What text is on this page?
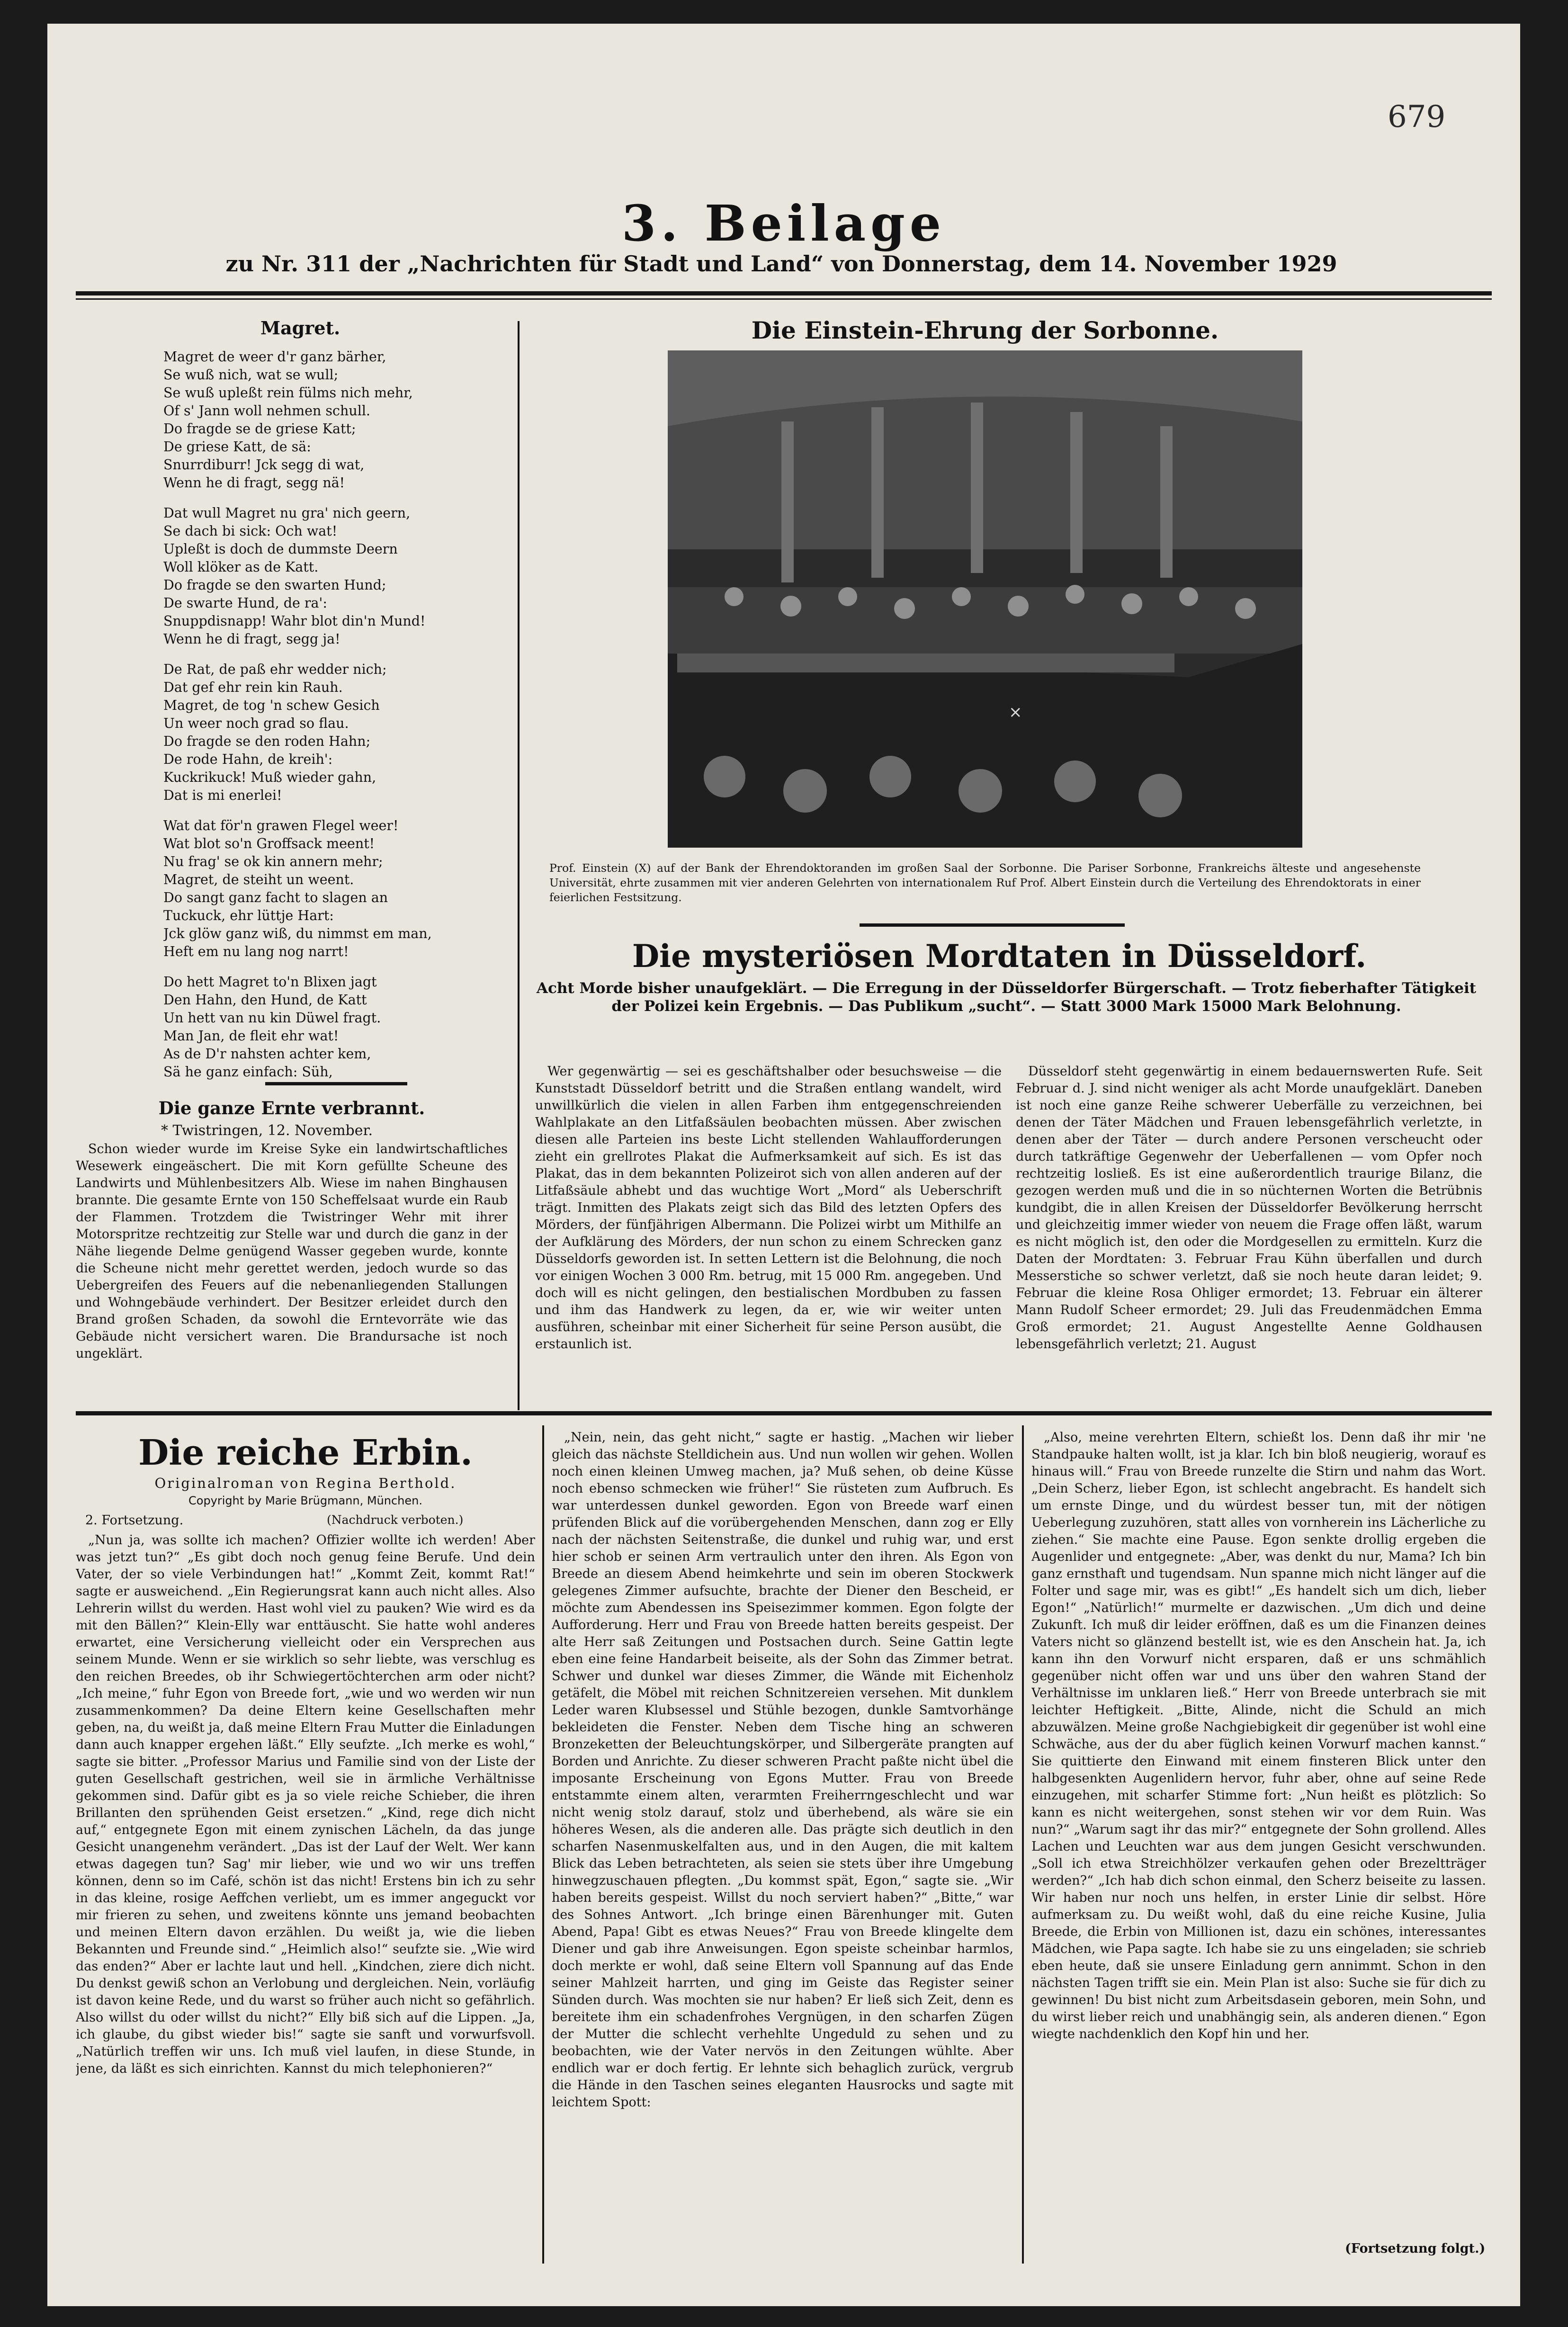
679
3. Beilage
zu Nr. 311 der „Nachrichten für Stadt und Land“ von Donnerstag, dem 14. November 1929
Magret.
Magret de weer d'r ganz bärher,
Se wuß nich, wat se wull;
Se wuß upleßt rein fülms nich mehr,
Of s' Jann woll nehmen schull.
Do fragde se de griese Katt;
De griese Katt, de sä:
Snurrdiburr! Jck segg di wat,
Wenn he di fragt, segg nä!
Dat wull Magret nu gra' nich geern,
Se dach bi sick: Och wat!
Upleßt is doch de dummste Deern
Woll klöker as de Katt.
Do fragde se den swarten Hund;
De swarte Hund, de ra':
Snuppdisnapp! Wahr blot din'n Mund!
Wenn he di fragt, segg ja!
De Rat, de paß ehr wedder nich;
Dat gef ehr rein kin Rauh.
Magret, de tog 'n schew Gesich
Un weer noch grad so flau.
Do fragde se den roden Hahn;
De rode Hahn, de kreih':
Kuckrikuck! Muß wieder gahn,
Dat is mi enerlei!
Wat dat för'n grawen Flegel weer!
Wat blot so'n Groffsack meent!
Nu frag' se ok kin annern mehr;
Magret, de steiht un weent.
Do sangt ganz facht to slagen an
Tuckuck, ehr lüttje Hart:
Jck glöw ganz wiß, du nimmst em man,
Heft em nu lang nog narrt!
Do hett Magret to'n Blixen jagt
Den Hahn, den Hund, de Katt
Un hett van nu kin Düwel fragt.
Man Jan, de fleit ehr wat!
As de D'r nahsten achter kem,
Sä he ganz einfach: Süh,
Die ganze Ernte verbrannt.
* Twistringen, 12. November.

Schon wieder wurde im Kreise Syke ein landwirtschaftliches Wesewerk eingeäschert. Die mit Korn gefüllte Scheune des Landwirts und Mühlenbesitzers Alb. Wiese im nahen Binghausen brannte. Die gesamte Ernte von 150 Scheffelsaat wurde ein Raub der Flammen. Trotzdem die Twistringer Wehr mit ihrer Motorspritze rechtzeitig zur Stelle war und durch die ganz in der Nähe liegende Delme genügend Wasser gegeben wurde, konnte die Scheune nicht mehr gerettet werden, jedoch wurde so das Uebergreifen des Feuers auf die nebenanliegenden Stallungen und Wohngebäude verhindert. Der Besitzer erleidet durch den Brand großen Schaden, da sowohl die Erntevorräte wie das Gebäude nicht versichert waren. Die Brandursache ist noch ungeklärt.

Die Einstein-Ehrung der Sorbonne.
×
Prof. Einstein (X) auf der Bank der Ehrendoktoranden im großen Saal der Sorbonne. Die Pariser Sorbonne, Frankreichs älteste und angesehenste Universität, ehrte zusammen mit vier anderen Gelehrten von internationalem Ruf Prof. Albert Einstein durch die Verteilung des Ehrendoktorats in einer feierlichen Festsitzung.
Die mysteriösen Mordtaten in Düsseldorf.
Acht Morde bisher unaufgeklärt. — Die Erregung in der Düsseldorfer Bürgerschaft. — Trotz fieberhafter Tätigkeit der Polizei kein Ergebnis. — Das Publikum „sucht“. — Statt 3000 Mark 15000 Mark Belohnung.

Wer gegenwärtig — sei es geschäftshalber oder besuchsweise — die Kunststadt Düsseldorf betritt und die Straßen entlang wandelt, wird unwillkürlich die vielen in allen Farben ihm entgegenschreienden Wahlplakate an den Litfaßsäulen beobachten müssen. Aber zwischen diesen alle Parteien ins beste Licht stellenden Wahlaufforderungen zieht ein grellrotes Plakat die Aufmerksamkeit auf sich. Es ist das Plakat, das in dem bekannten Polizeirot sich von allen anderen auf der Litfaßsäule abhebt und das wuchtige Wort „Mord“ als Ueberschrift trägt. Inmitten des Plakats zeigt sich das Bild des letzten Opfers des Mörders, der fünfjährigen Albermann. Die Polizei wirbt um Mithilfe an der Aufklärung des Mörders, der nun schon zu einem Schrecken ganz Düsseldorfs geworden ist. In setten Lettern ist die Belohnung, die noch vor einigen Wochen 3 000 Rm. betrug, mit 15 000 Rm. angegeben. Und doch will es nicht gelingen, den bestialischen Mordbuben zu fassen und ihm das Handwerk zu legen, da er, wie wir weiter unten ausführen, scheinbar mit einer Sicherheit für seine Person ausübt, die erstaunlich ist.

Düsseldorf steht gegenwärtig in einem bedauernswerten Rufe. Seit Februar d. J. sind nicht weniger als acht Morde unaufgeklärt. Daneben ist noch eine ganze Reihe schwerer Ueberfälle zu verzeichnen, bei denen der Täter Mädchen und Frauen lebensgefährlich verletzte, in denen aber der Täter — durch andere Personen verscheucht oder durch tatkräftige Gegenwehr der Ueberfallenen — vom Opfer noch rechtzeitig losließ. Es ist eine außerordentlich traurige Bilanz, die gezogen werden muß und die in so nüchternen Worten die Betrübnis kundgibt, die in allen Kreisen der Düsseldorfer Bevölkerung herrscht und gleichzeitig immer wieder von neuem die Frage offen läßt, warum es nicht möglich ist, den oder die Mordgesellen zu ermitteln. Kurz die Daten der Mordtaten: 3. Februar Frau Kühn überfallen und durch Messerstiche so schwer verletzt, daß sie noch heute daran leidet; 9. Februar die kleine Rosa Ohliger ermordet; 13. Februar ein älterer Mann Rudolf Scheer ermordet; 29. Juli das Freudenmädchen Emma Groß ermordet; 21. August Angestellte Aenne Goldhausen lebensgefährlich verletzt; 21. August

Die reiche Erbin.
Originalroman von Regina Berthold.
Copyright by Marie Brügmann, München.
2. Fortsetzung.	(Nachdruck verboten.)

„Nun ja, was sollte ich machen? Offizier wollte ich werden! Aber was jetzt tun?“ „Es gibt doch noch genug feine Berufe. Und dein Vater, der so viele Verbindungen hat!“ „Kommt Zeit, kommt Rat!“ sagte er ausweichend. „Ein Regierungsrat kann auch nicht alles. Also Lehrerin willst du werden. Hast wohl viel zu pauken? Wie wird es da mit den Bällen?“ Klein-Elly war enttäuscht. Sie hatte wohl anderes erwartet, eine Versicherung vielleicht oder ein Versprechen aus seinem Munde. Wenn er sie wirklich so sehr liebte, was verschlug es den reichen Breedes, ob ihr Schwiegertöchterchen arm oder nicht? „Ich meine,“ fuhr Egon von Breede fort, „wie und wo werden wir nun zusammenkommen? Da deine Eltern keine Gesellschaften mehr geben, na, du weißt ja, daß meine Eltern Frau Mutter die Einladungen dann auch knapper ergehen läßt.“ Elly seufzte. „Ich merke es wohl,“ sagte sie bitter. „Professor Marius und Familie sind von der Liste der guten Gesellschaft gestrichen, weil sie in ärmliche Verhältnisse gekommen sind. Dafür gibt es ja so viele reiche Schieber, die ihren Brillanten den sprühenden Geist ersetzen.“ „Kind, rege dich nicht auf,“ entgegnete Egon mit einem zynischen Lächeln, da das junge Gesicht unangenehm verändert. „Das ist der Lauf der Welt. Wer kann etwas dagegen tun? Sag' mir lieber, wie und wo wir uns treffen können, denn so im Café, schön ist das nicht! Erstens bin ich zu sehr in das kleine, rosige Aeffchen verliebt, um es immer angeguckt vor mir frieren zu sehen, und zweitens könnte uns jemand beobachten und meinen Eltern davon erzählen. Du weißt ja, wie die lieben Bekannten und Freunde sind.“ „Heimlich also!“ seufzte sie. „Wie wird das enden?“ Aber er lachte laut und hell. „Kindchen, ziere dich nicht. Du denkst gewiß schon an Verlobung und dergleichen. Nein, vorläufig ist davon keine Rede, und du warst so früher auch nicht so gefährlich. Also willst du oder willst du nicht?“ Elly biß sich auf die Lippen. „Ja, ich glaube, du gibst wieder bis!“ sagte sie sanft und vorwurfsvoll. „Natürlich treffen wir uns. Ich muß viel laufen, in diese Stunde, in jene, da läßt es sich einrichten. Kannst du mich telephonieren?“

„Nein, nein, das geht nicht,“ sagte er hastig. „Machen wir lieber gleich das nächste Stelldichein aus. Und nun wollen wir gehen. Wollen noch einen kleinen Umweg machen, ja? Muß sehen, ob deine Küsse noch ebenso schmecken wie früher!“ Sie rüsteten zum Aufbruch. Es war unterdessen dunkel geworden. Egon von Breede warf einen prüfenden Blick auf die vorübergehenden Menschen, dann zog er Elly nach der nächsten Seitenstraße, die dunkel und ruhig war, und erst hier schob er seinen Arm vertraulich unter den ihren. Als Egon von Breede an diesem Abend heimkehrte und sein im oberen Stockwerk gelegenes Zimmer aufsuchte, brachte der Diener den Bescheid, er möchte zum Abendessen ins Speisezimmer kommen. Egon folgte der Aufforderung. Herr und Frau von Breede hatten bereits gespeist. Der alte Herr saß Zeitungen und Postsachen durch. Seine Gattin legte eben eine feine Handarbeit beiseite, als der Sohn das Zimmer betrat. Schwer und dunkel war dieses Zimmer, die Wände mit Eichenholz getäfelt, die Möbel mit reichen Schnitzereien versehen. Mit dunklem Leder waren Klubsessel und Stühle bezogen, dunkle Samtvorhänge bekleideten die Fenster. Neben dem Tische hing an schweren Bronzeketten der Beleuchtungskörper, und Silbergeräte prangten auf Borden und Anrichte. Zu dieser schweren Pracht paßte nicht übel die imposante Erscheinung von Egons Mutter. Frau von Breede entstammte einem alten, verarmten Freiherrngeschlecht und war nicht wenig stolz darauf, stolz und überhebend, als wäre sie ein höheres Wesen, als die anderen alle. Das prägte sich deutlich in den scharfen Nasenmuskelfalten aus, und in den Augen, die mit kaltem Blick das Leben betrachteten, als seien sie stets über ihre Umgebung hinwegzuschauen pflegten. „Du kommst spät, Egon,“ sagte sie. „Wir haben bereits gespeist. Willst du noch serviert haben?“ „Bitte,“ war des Sohnes Antwort. „Ich bringe einen Bärenhunger mit. Guten Abend, Papa! Gibt es etwas Neues?“ Frau von Breede klingelte dem Diener und gab ihre Anweisungen. Egon speiste scheinbar harmlos, doch merkte er wohl, daß seine Eltern voll Spannung auf das Ende seiner Mahlzeit harrten, und ging im Geiste das Register seiner Sünden durch. Was mochten sie nur haben? Er ließ sich Zeit, denn es bereitete ihm ein schadenfrohes Vergnügen, in den scharfen Zügen der Mutter die schlecht verhehlte Ungeduld zu sehen und zu beobachten, wie der Vater nervös in den Zeitungen wühlte. Aber endlich war er doch fertig. Er lehnte sich behaglich zurück, vergrub die Hände in den Taschen seines eleganten Hausrocks und sagte mit leichtem Spott:

„Also, meine verehrten Eltern, schießt los. Denn daß ihr mir 'ne Standpauke halten wollt, ist ja klar. Ich bin bloß neugierig, worauf es hinaus will.“ Frau von Breede runzelte die Stirn und nahm das Wort. „Dein Scherz, lieber Egon, ist schlecht angebracht. Es handelt sich um ernste Dinge, und du würdest besser tun, mit der nötigen Ueberlegung zuzuhören, statt alles von vornherein ins Lächerliche zu ziehen.“ Sie machte eine Pause. Egon senkte drollig ergeben die Augenlider und entgegnete: „Aber, was denkt du nur, Mama? Ich bin ganz ernsthaft und tugendsam. Nun spanne mich nicht länger auf die Folter und sage mir, was es gibt!“ „Es handelt sich um dich, lieber Egon!“ „Natürlich!“ murmelte er dazwischen. „Um dich und deine Zukunft. Ich muß dir leider eröffnen, daß es um die Finanzen deines Vaters nicht so glänzend bestellt ist, wie es den Anschein hat. Ja, ich kann ihn den Vorwurf nicht ersparen, daß er uns schmählich gegenüber nicht offen war und uns über den wahren Stand der Verhältnisse im unklaren ließ.“ Herr von Breede unterbrach sie mit leichter Heftigkeit. „Bitte, Alinde, nicht die Schuld an mich abzuwälzen. Meine große Nachgiebigkeit dir gegenüber ist wohl eine Schwäche, aus der du aber füglich keinen Vorwurf machen kannst.“ Sie quittierte den Einwand mit einem finsteren Blick unter den halbgesenkten Augenlidern hervor, fuhr aber, ohne auf seine Rede einzugehen, mit scharfer Stimme fort: „Nun heißt es plötzlich: So kann es nicht weitergehen, sonst stehen wir vor dem Ruin. Was nun?“ „Warum sagt ihr das mir?“ entgegnete der Sohn grollend. Alles Lachen und Leuchten war aus dem jungen Gesicht verschwunden. „Soll ich etwa Streichhölzer verkaufen gehen oder Brezeltträger werden?“ „Ich hab dich schon einmal, den Scherz beiseite zu lassen. Wir haben nur noch uns helfen, in erster Linie dir selbst. Höre aufmerksam zu. Du weißt wohl, daß du eine reiche Kusine, Julia Breede, die Erbin von Millionen ist, dazu ein schönes, interessantes Mädchen, wie Papa sagte. Ich habe sie zu uns eingeladen; sie schrieb eben heute, daß sie unsere Einladung gern annimmt. Schon in den nächsten Tagen trifft sie ein. Mein Plan ist also: Suche sie für dich zu gewinnen! Du bist nicht zum Arbeitsdasein geboren, mein Sohn, und du wirst lieber reich und unabhängig sein, als anderen dienen.“ Egon wiegte nachdenklich den Kopf hin und her.

(Fortsetzung folgt.)
